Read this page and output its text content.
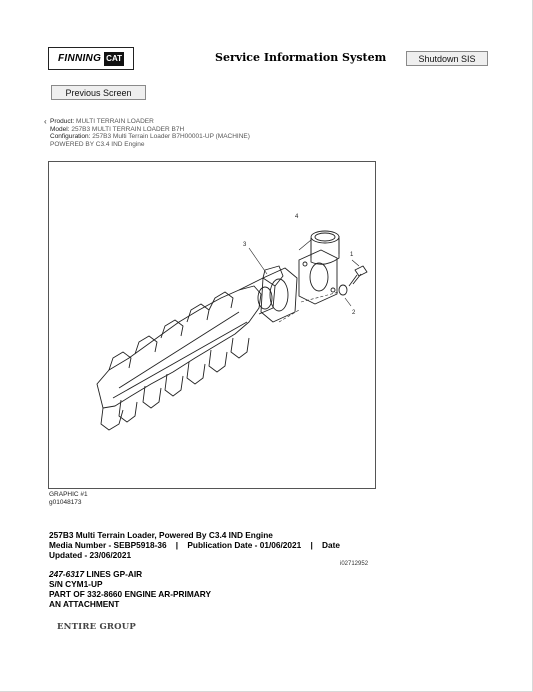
FINNING CAT	Service Information System	Shutdown SIS
Previous Screen
‹ Product: MULTI TERRAIN LOADER
Model: 257B3 MULTI TERRAIN LOADER B7H
Configuration: 257B3 Multi Terrain Loader B7H00001-UP (MACHINE)
POWERED BY C3.4 IND Engine
1
2
3
4
GRAPHIC #1
g01048173
257B3 Multi Terrain Loader, Powered By C3.4 IND Engine
Media Number - SEBP5918-36    |    Publication Date - 01/06/2021    |    Date
Updated - 23/06/2021
i02712952
247-6317 LINES GP-AIR
S/N CYM1-UP
PART OF 332-8660 ENGINE AR-PRIMARY
AN ATTACHMENT
ENTIRE GROUP
